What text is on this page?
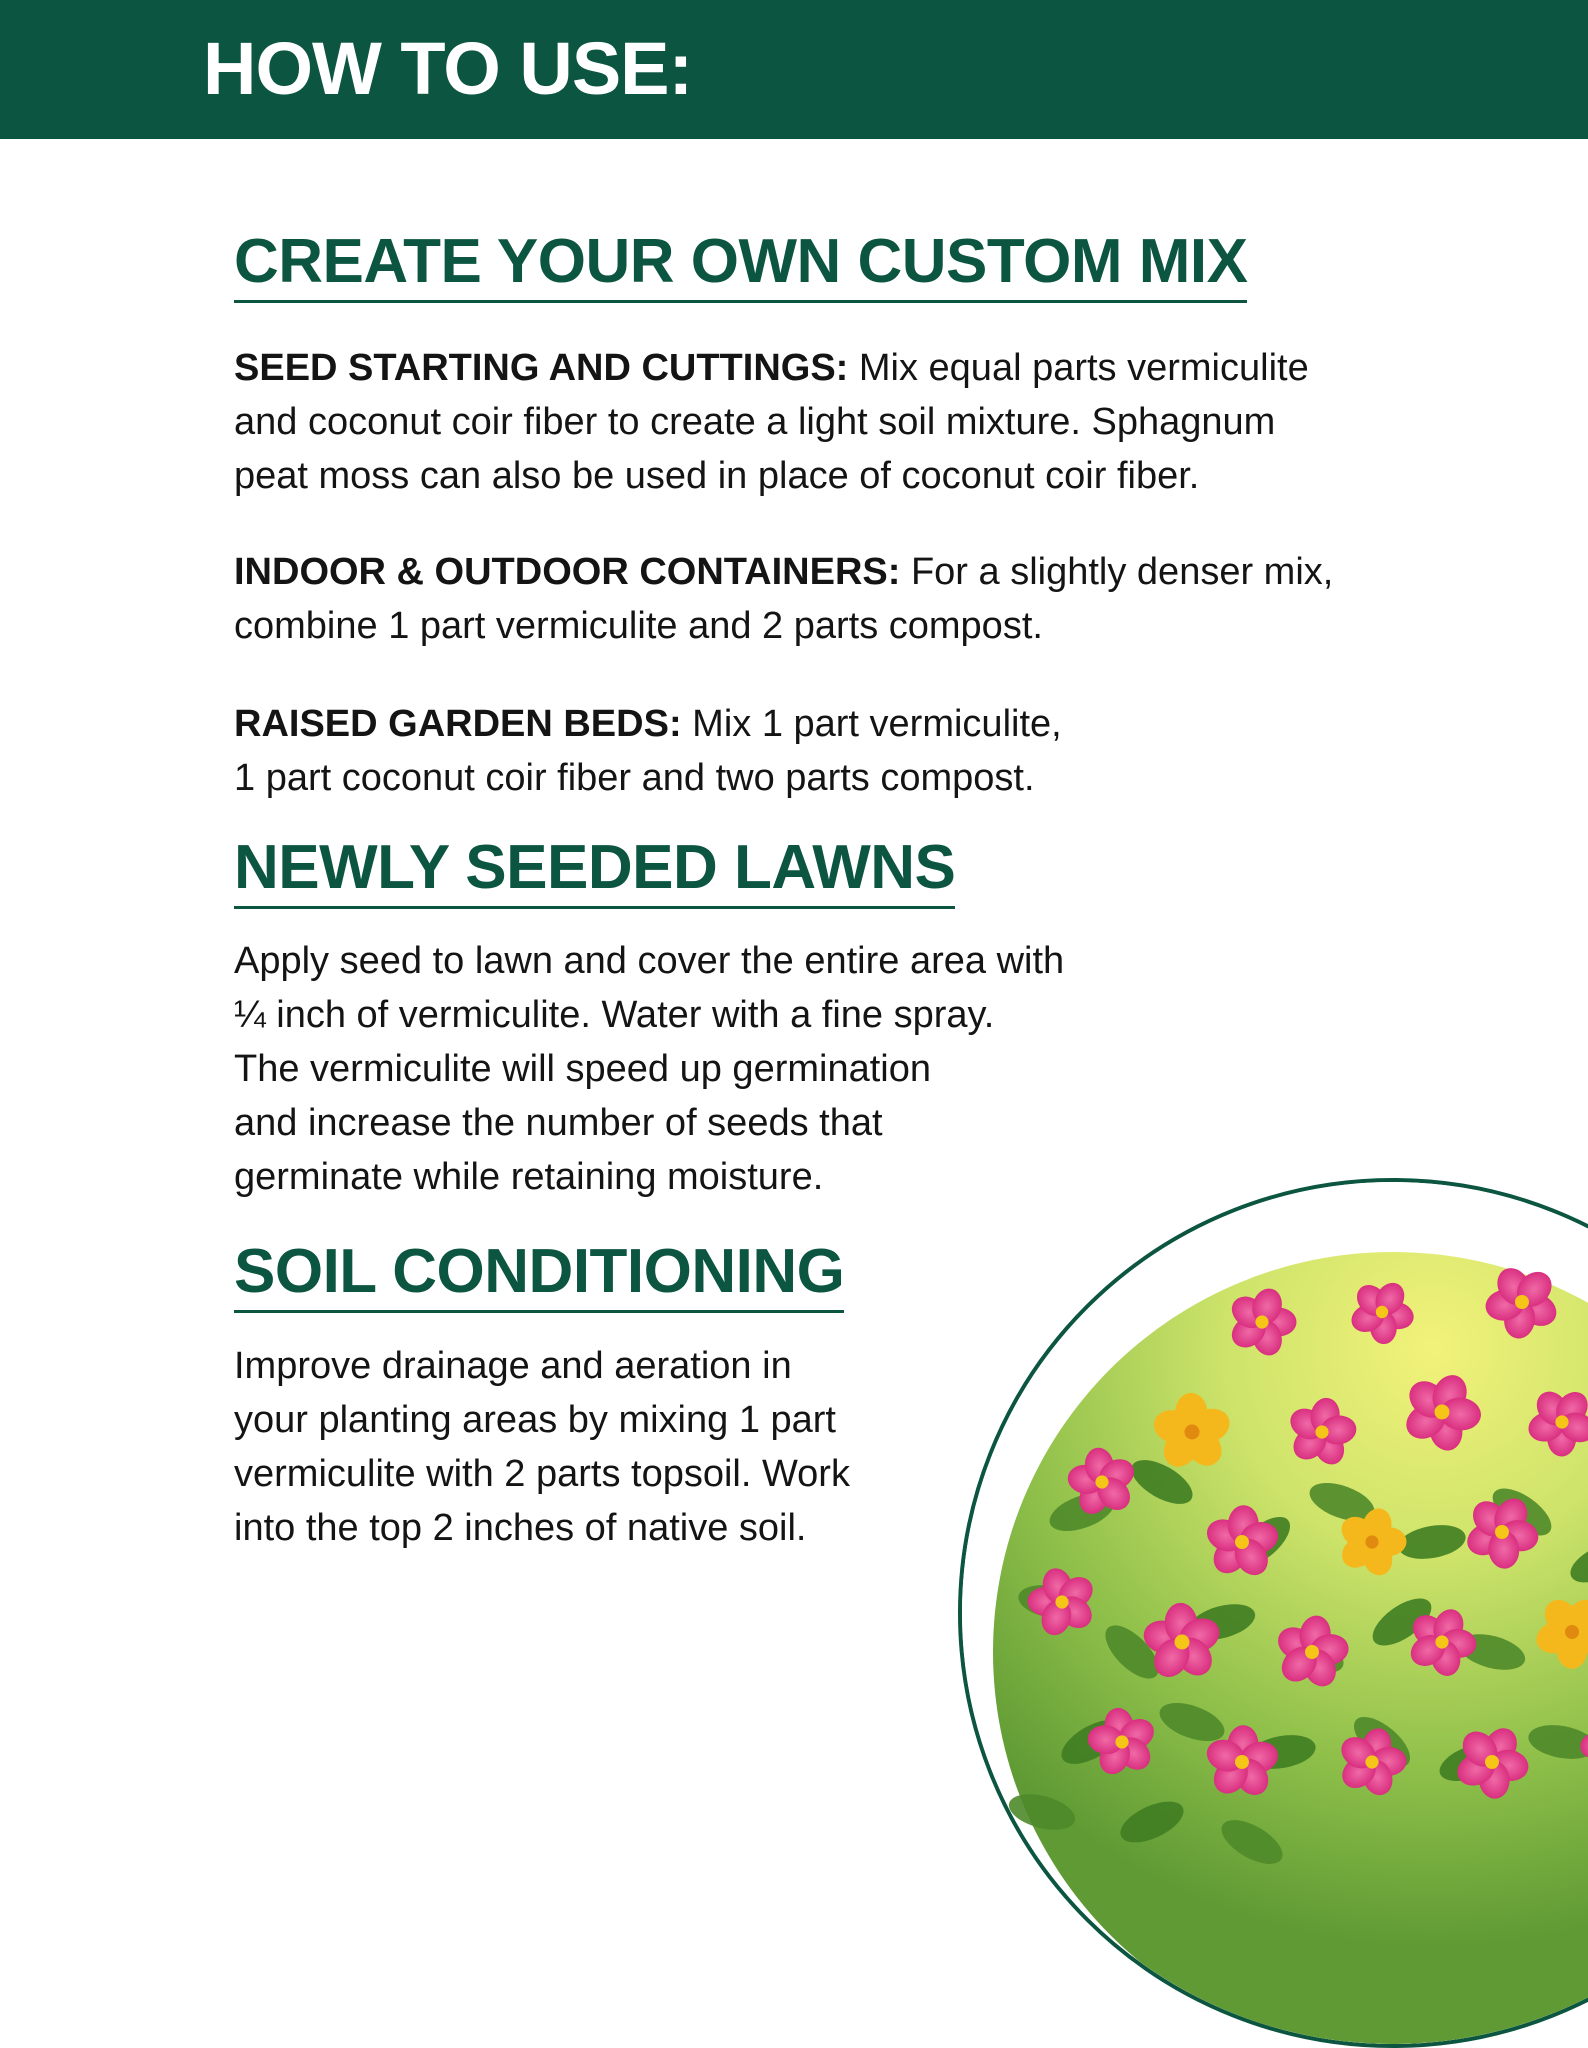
HOW TO USE:
CREATE YOUR OWN CUSTOM MIX

SEED STARTING AND CUTTINGS: Mix equal parts vermiculite
and coconut coir fiber to create a light soil mixture. Sphagnum
peat moss can also be used in place of coconut coir fiber.

INDOOR & OUTDOOR CONTAINERS: For a slightly denser mix,
combine 1 part vermiculite and 2 parts compost.

RAISED GARDEN BEDS: Mix 1 part vermiculite,
1 part coconut coir fiber and two parts compost.

NEWLY SEEDED LAWNS

Apply seed to lawn and cover the entire area with
¼ inch of vermiculite. Water with a fine spray.
The vermiculite will speed up germination
and increase the number of seeds that
germinate while retaining moisture.

SOIL CONDITIONING

Improve drainage and aeration in
your planting areas by mixing 1 part
vermiculite with 2 parts topsoil. Work
into the top 2 inches of native soil.
